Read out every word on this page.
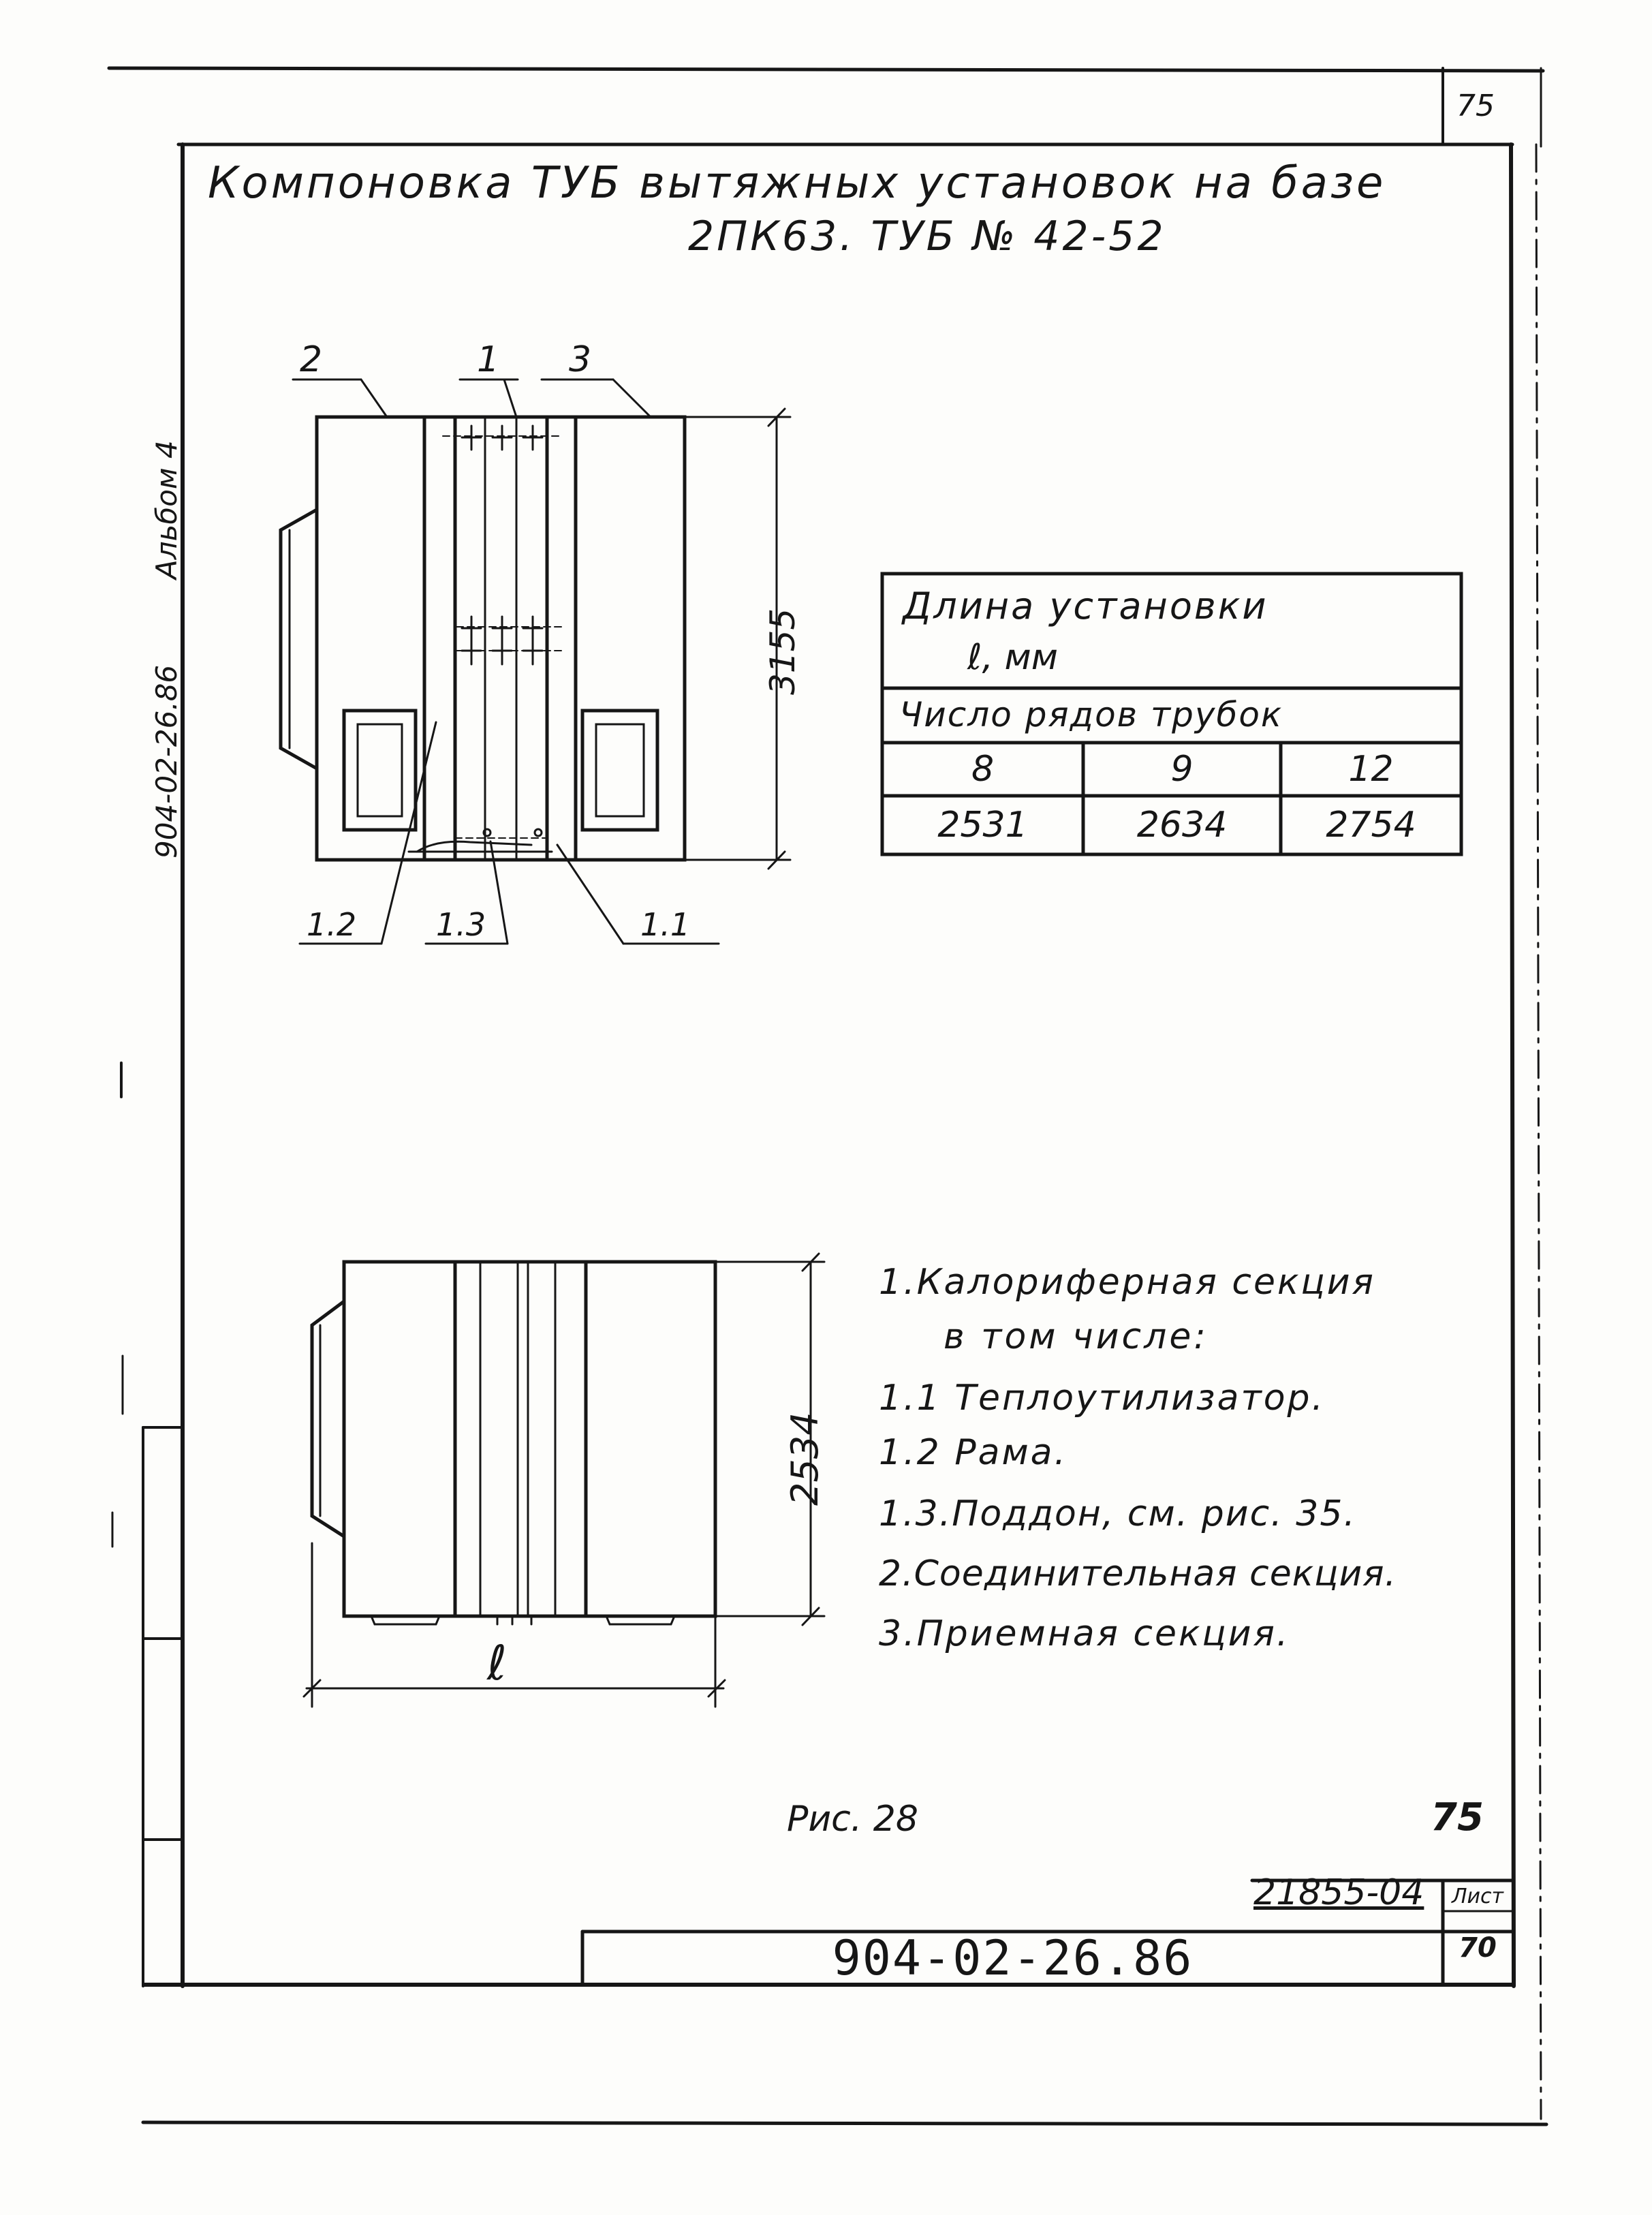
75
Компоновка ТУБ вытяжных установок на базе
2ПК63. ТУБ № 42-52
904-02-26.86
Альбом 4
2	1 3
1.2	1.3	1.1
3155
Длина установки
ℓ, мм
Число рядов трубок
8	9	12
2531	2634	2754
2534
ℓ
1.Калориферная секция
в том числе:
1.1 Теплоутилизатор.
1.2 Рама.
1.3.Поддон, см. рис. 35.
2.Соединительная секция.
3.Приемная секция.
Рис. 28	75
21855-04
904-02-26.86
Лист
70
